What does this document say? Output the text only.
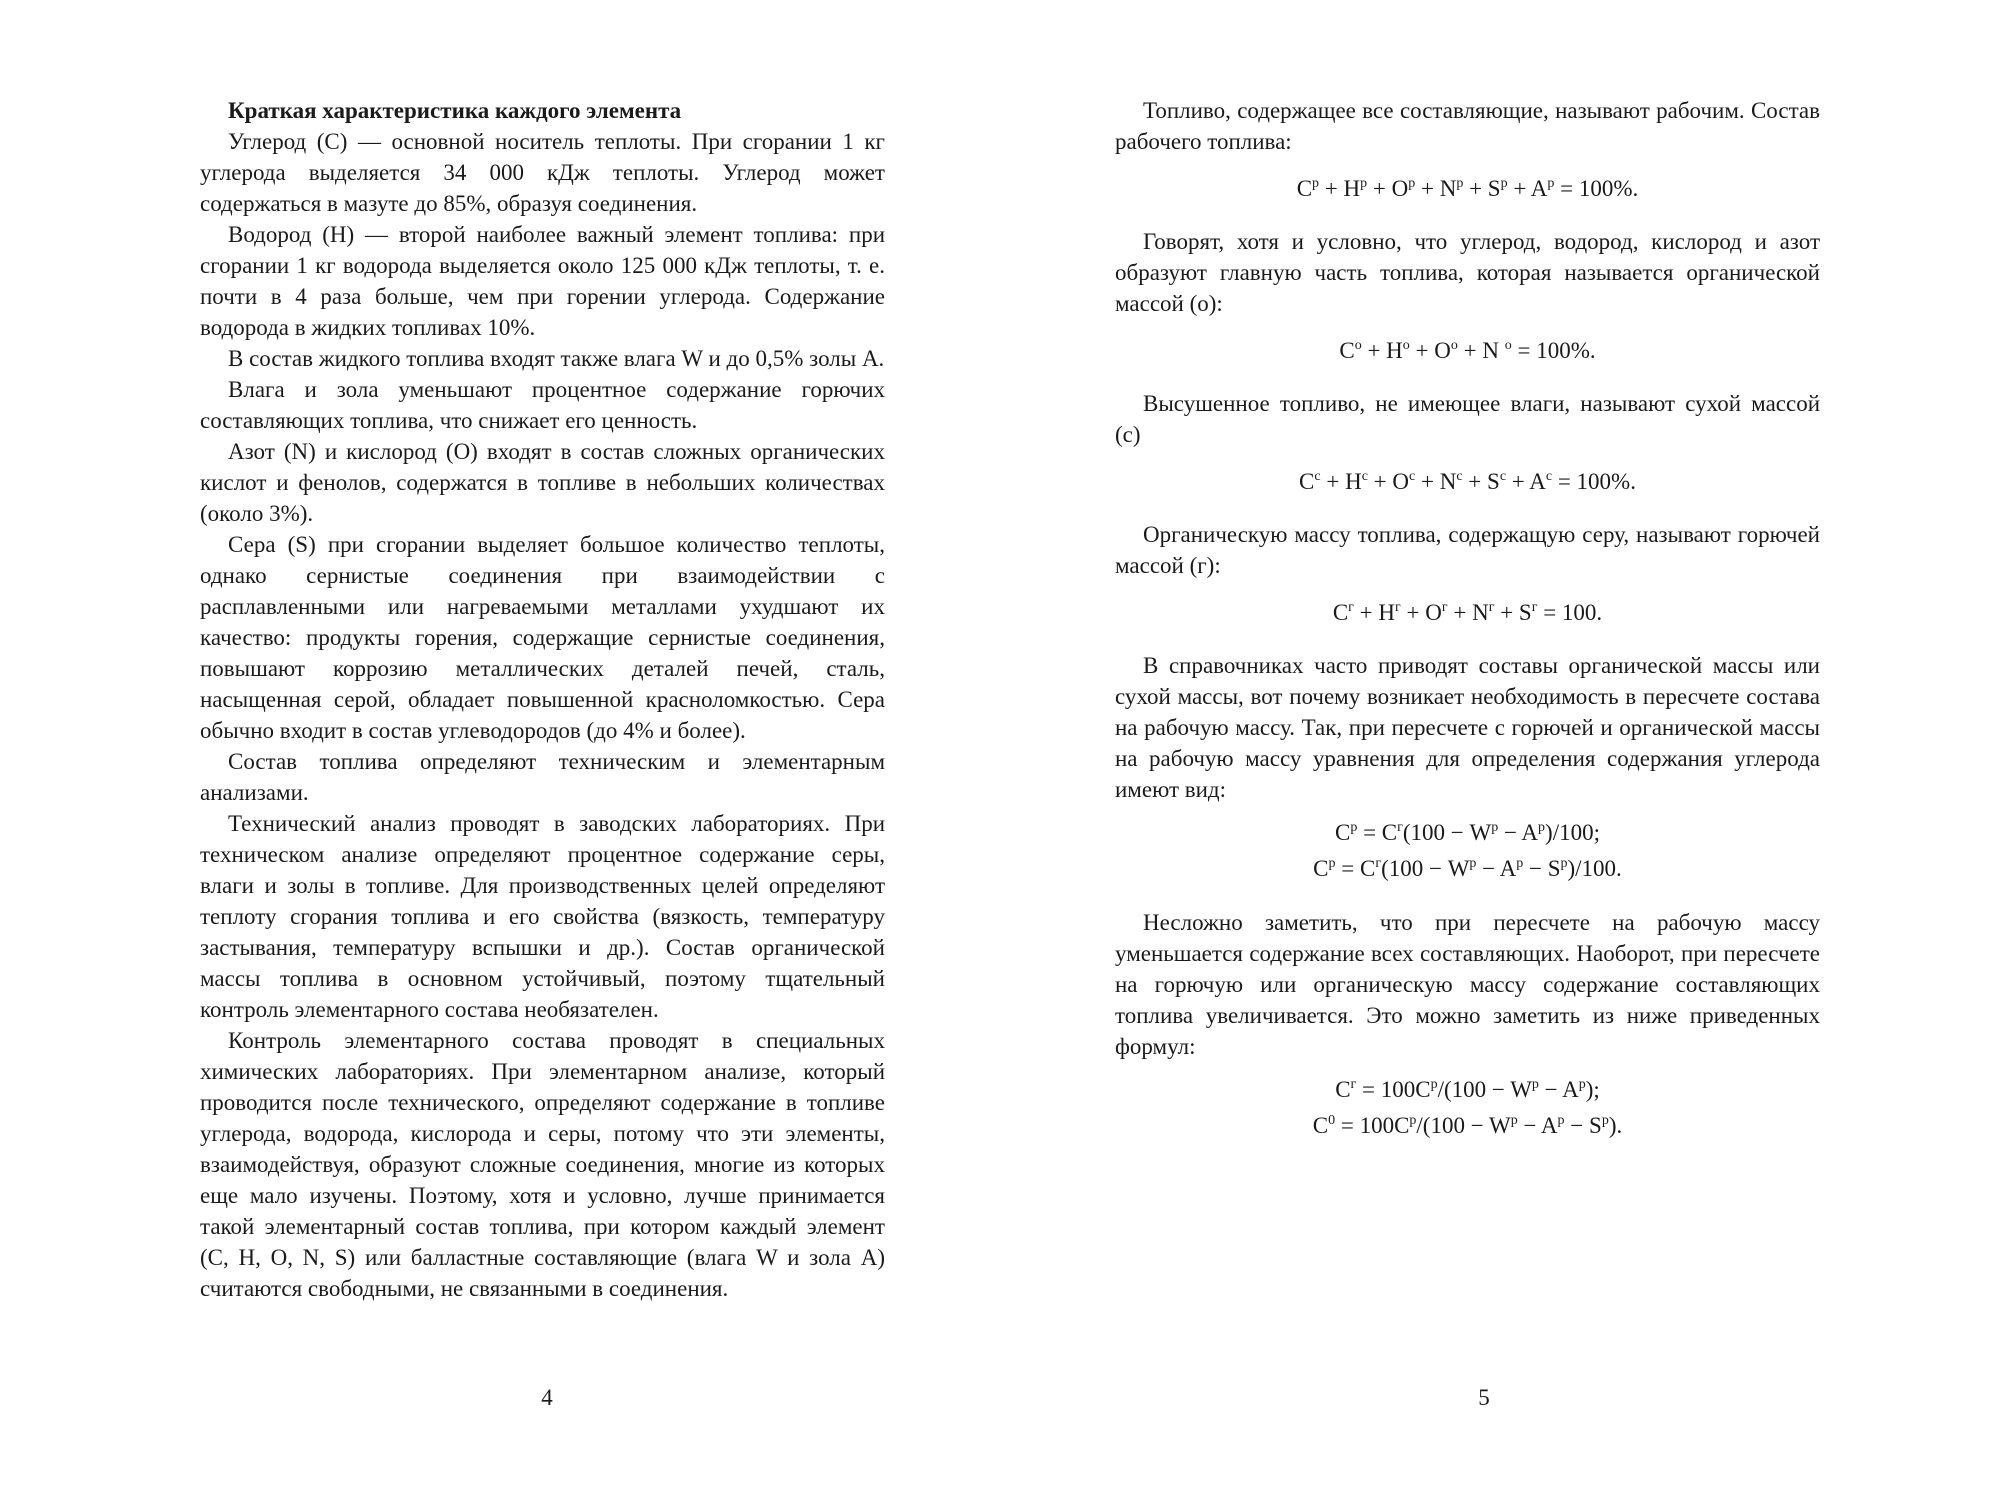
Краткая характеристика каждого элемента

Углерод (С) — основной носитель теплоты. При сгорании 1 кг углерода выделяется 34 000 кДж теплоты. Углерод может содержаться в мазуте до 85%, образуя соединения.

Водород (Н) — второй наиболее важный элемент топлива: при сгорании 1 кг водорода выделяется около 125 000 кДж теплоты, т. е. почти в 4 раза больше, чем при горении углерода. Содержание водорода в жидких топливах 10%.

В состав жидкого топлива входят также влага W и до 0,5% золы А.

Влага и зола уменьшают процентное содержание горючих составляющих топлива, что снижает его ценность.

Азот (N) и кислород (О) входят в состав сложных органических кислот и фенолов, содержатся в топливе в небольших количествах (около 3%).

Сера (S) при сгорании выделяет большое количество теплоты, однако сернистые соединения при взаимодействии с расплавленными или нагреваемыми металлами ухудшают их качество: продукты горения, содержащие сернистые соединения, повышают коррозию металлических деталей печей, сталь, насыщенная серой, обладает повышенной красноломкостью. Сера обычно входит в состав углеводородов (до 4% и более).

Состав топлива определяют техническим и элементарным анализами.

Технический анализ проводят в заводских лабораториях. При техническом анализе определяют процентное содержание серы, влаги и золы в топливе. Для производственных целей определяют теплоту сгорания топлива и его свойства (вязкость, температуру застывания, температуру вспышки и др.). Состав органической массы топлива в основном устойчивый, поэтому тщательный контроль элементарного состава необязателен.

Контроль элементарного состава проводят в специальных химических лабораториях. При элементарном анализе, который проводится после технического, определяют содержание в топливе углерода, водорода, кислорода и серы, потому что эти элементы, взаимодействуя, образуют сложные соединения, многие из которых еще мало изучены. Поэтому, хотя и условно, лучше принимается такой элементарный состав топлива, при котором каждый элемент (С, Н, О, N, S) или балластные составляющие (влага W и зола А) считаются свободными, не связанными в соединения.

4

Топливо, содержащее все составляющие, называют рабочим. Состав рабочего топлива:

$C^p + H^p + O^p + N^p + S^p + A^p = 100\%$.

Говорят, хотя и условно, что углерод, водород, кислород и азот образуют главную часть топлива, которая называется органической массой (о):

$C^o + H^o + O^o + N$ $^o$ = 100%.

Высушенное топливо, не имеющее влаги, называют сухой массой (с)

$C^c + H^c + O^c + N^c + S^c + A^c = 100\%$.

Органическую массу топлива, содержащую серу, называют горючей массой (г):

$C^г + H^г + O^г + N^г + S^г = 100$.

В справочниках часто приводят составы органической массы или сухой массы, вот почему возникает необходимость в пересчете состава на рабочую массу. Так, при пересчете с горючей и органической массы на рабочую массу уравнения для определения содержания углерода имеют вид:

$C^p = C^г(100 - W^p - A^p)/100$;

$C^p = C^г(100 - W^p - A^p - S^p)/100$.

Несложно заметить, что при пересчете на рабочую массу уменьшается содержание всех составляющих. Наоборот, при пересчете на горючую или органическую массу содержание составляющих топлива увеличивается. Это можно заметить из ниже приведенных формул:

$C^г = 100C^p/(100 - W^p - A^p)$;

$C^0 = 100C^p/(100 - W^p - A^p - S^p)$.

5
